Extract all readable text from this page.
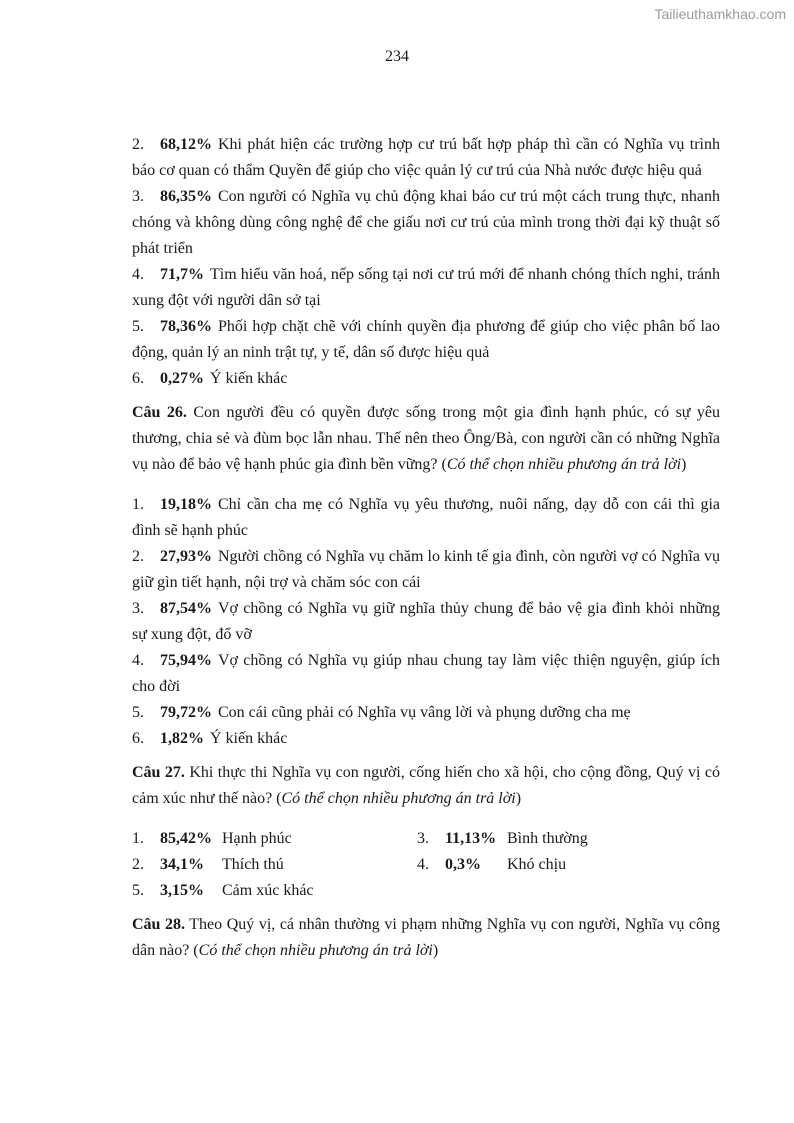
Tailieuthamkhao.com
234

2. 68,12% Khi phát hiện các trường hợp cư trú bất hợp pháp thì cần có Nghĩa vụ trình báo cơ quan có thẩm Quyền để giúp cho việc quản lý cư trú của Nhà nước được hiệu quả

3. 86,35% Con người có Nghĩa vụ chủ động khai báo cư trú một cách trung thực, nhanh chóng và không dùng công nghệ để che giấu nơi cư trú của mình trong thời đại kỹ thuật số phát triển

4. 71,7% Tìm hiểu văn hoá, nếp sống tại nơi cư trú mới để nhanh chóng thích nghi, tránh xung đột với người dân sở tại

5. 78,36% Phối hợp chặt chẽ với chính quyền địa phương để giúp cho việc phân bố lao động, quản lý an ninh trật tự, y tế, dân số được hiệu quả

6. 0,27% Ý kiến khác

Câu 26. Con người đều có quyền được sống trong một gia đình hạnh phúc, có sự yêu thương, chia sẻ và đùm bọc lẫn nhau. Thế nên theo Ông/Bà, con người cần có những Nghĩa vụ nào để bảo vệ hạnh phúc gia đình bền vững? (Có thể chọn nhiều phương án trả lời)

1. 19,18% Chỉ cần cha mẹ có Nghĩa vụ yêu thương, nuôi nấng, dạy dỗ con cái thì gia đình sẽ hạnh phúc

2. 27,93% Người chồng có Nghĩa vụ chăm lo kinh tế gia đình, còn người vợ có Nghĩa vụ giữ gìn tiết hạnh, nội trợ và chăm sóc con cái

3. 87,54% Vợ chồng có Nghĩa vụ giữ nghĩa thủy chung để bảo vệ gia đình khỏi những sự xung đột, đổ vỡ

4. 75,94% Vợ chồng có Nghĩa vụ giúp nhau chung tay làm việc thiện nguyện, giúp ích cho đời

5. 79,72% Con cái cũng phải có Nghĩa vụ vâng lời và phụng dưỡng cha mẹ

6. 1,82% Ý kiến khác

Câu 27. Khi thực thi Nghĩa vụ con người, cống hiến cho xã hội, cho cộng đồng, Quý vị có cảm xúc như thế nào? (Có thể chọn nhiều phương án trả lời)

1. 85,42% Hạnh phúc	3. 11,13% Bình thường
2. 34,1% Thích thú	4. 0,3% Khó chịu
5. 3,15% Cảm xúc khác

Câu 28. Theo Quý vị, cá nhân thường vi phạm những Nghĩa vụ con người, Nghĩa vụ công dân nào? (Có thể chọn nhiều phương án trả lời)
